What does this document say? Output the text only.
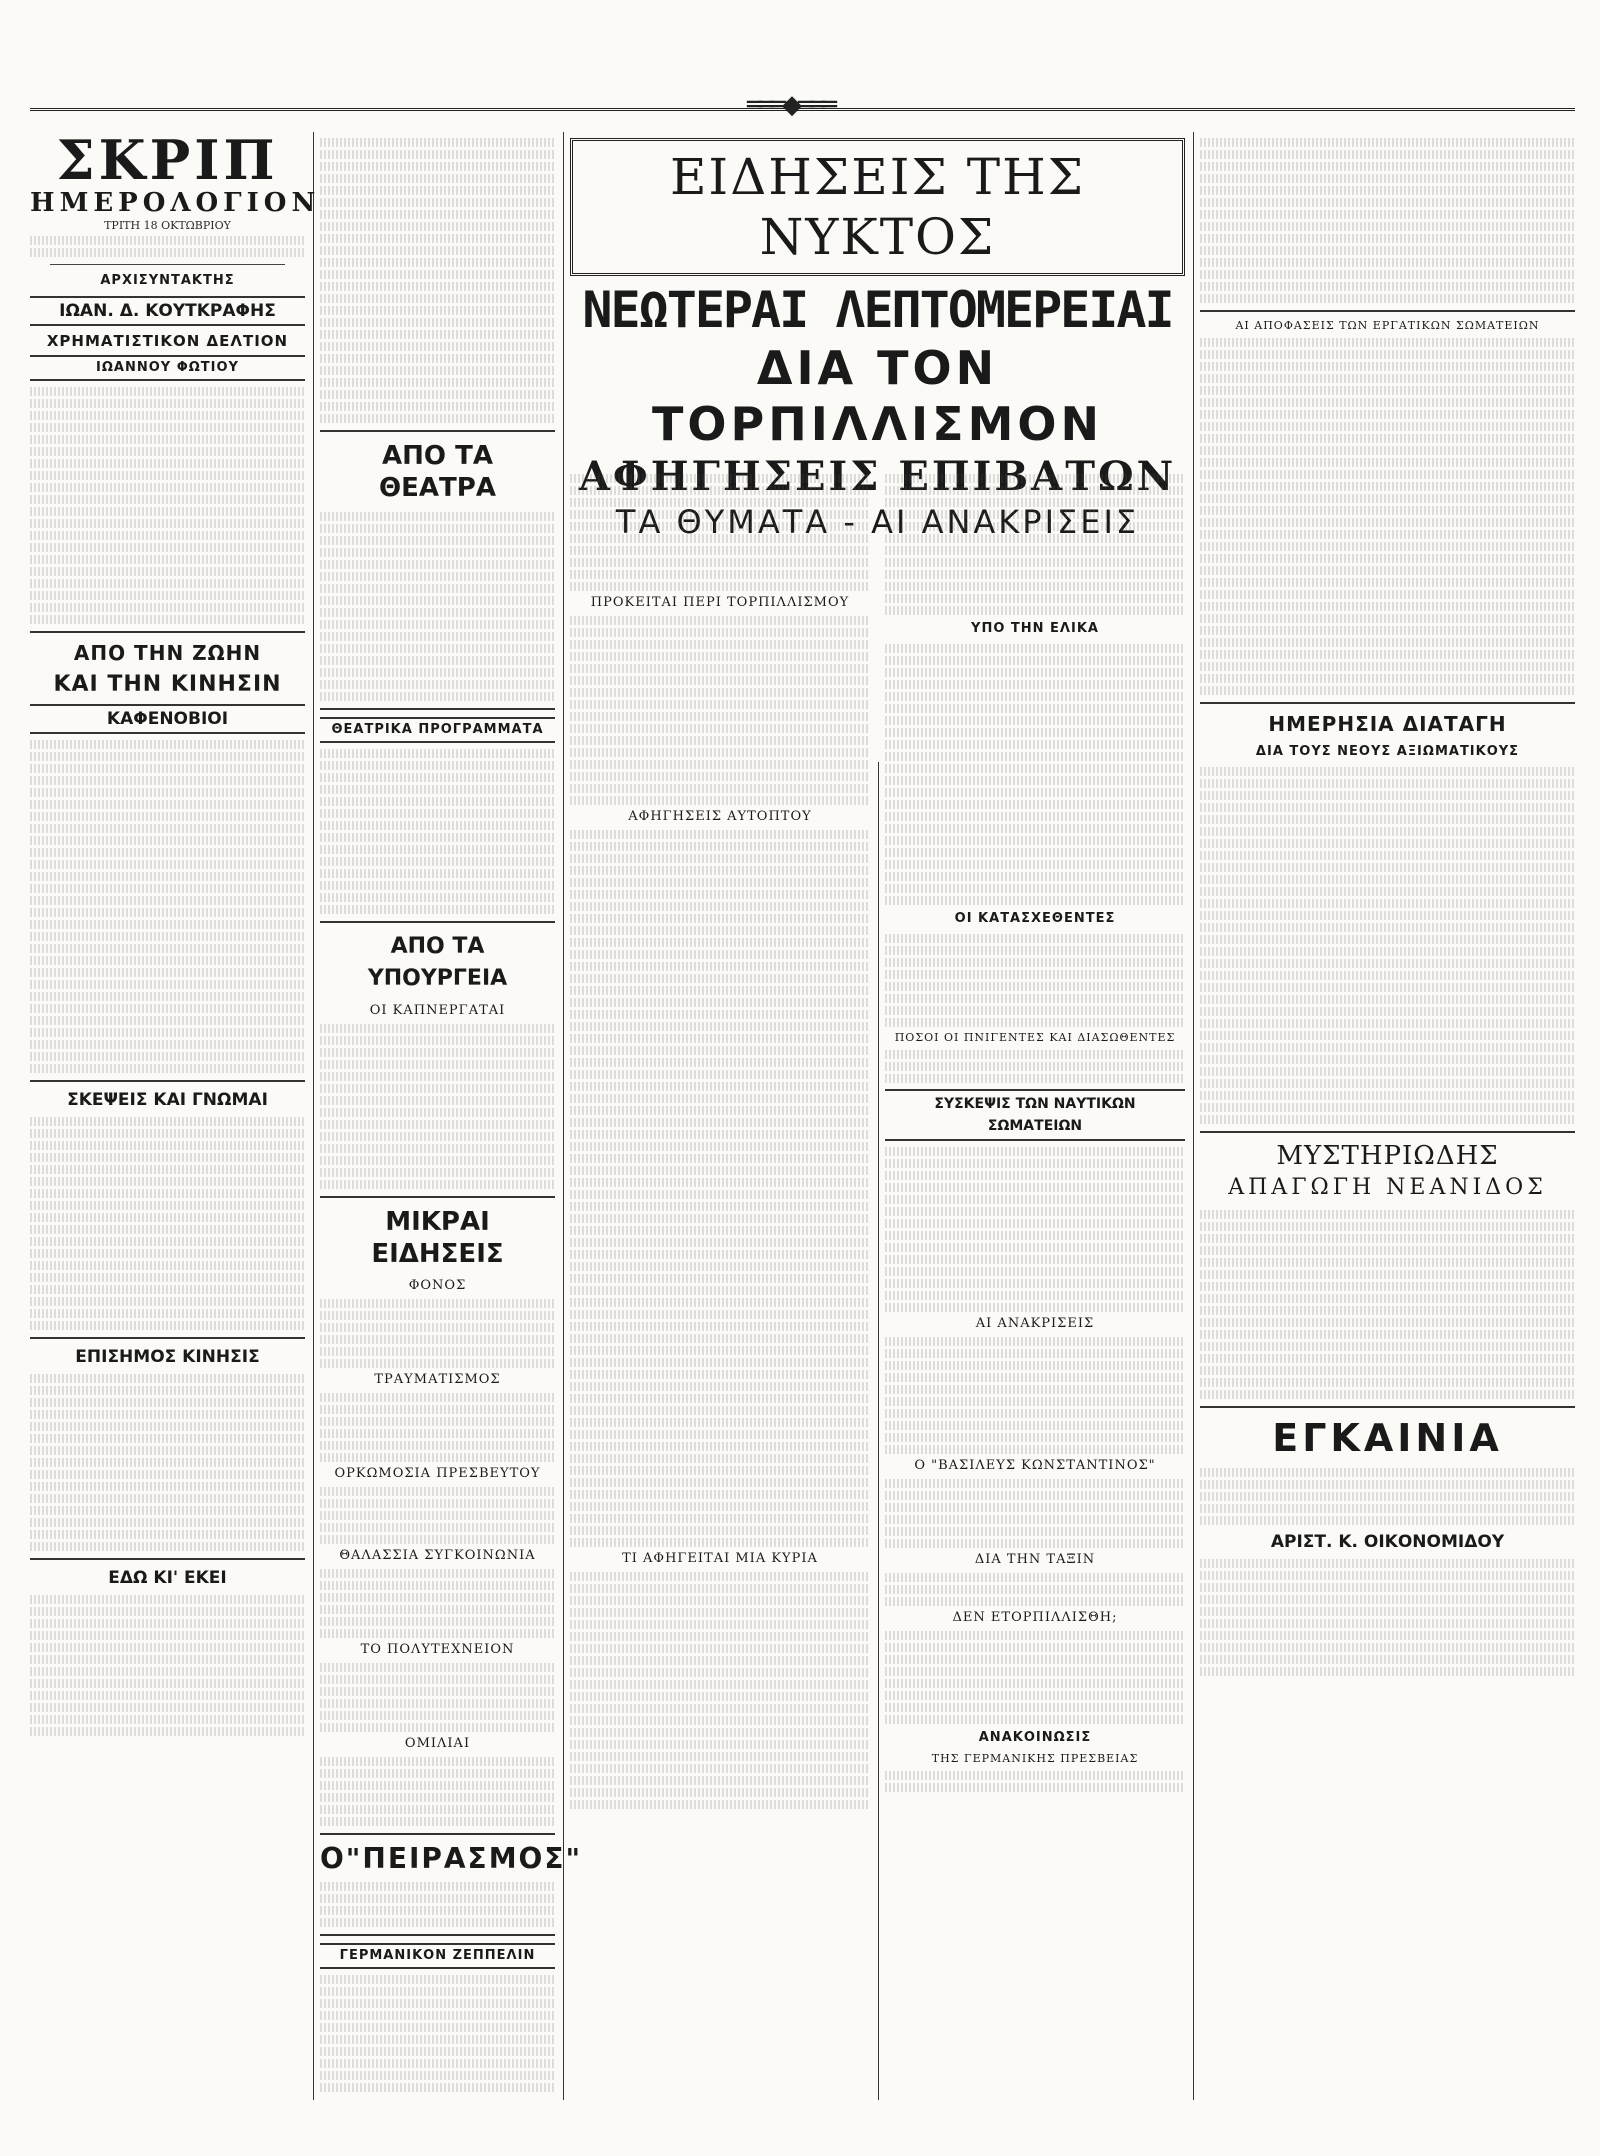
═══◆═══
ΣΚΡΙΠ
ΗΜΕΡΟΛΟΓΙΟΝ
ΤΡΙΤΗ 18 ΟΚΤΩΒΡΙΟΥ
ΑΡΧΙΣΥΝΤΑΚΤΗΣ
ΙΩΑΝ. Δ. ΚΟΥΤΚΡΑΦΗΣ
ΧΡΗΜΑΤΙΣΤΙΚΟΝ ΔΕΛΤΙΟΝ
ΙΩΑΝΝΟΥ ΦΩΤΙΟΥ
ΑΠΟ ΤΗΝ ΖΩΗΝ
ΚΑΙ ΤΗΝ ΚΙΝΗΣΙΝ
ΚΑΦΕΝΟΒΙΟΙ
ΣΚΕΨΕΙΣ ΚΑΙ ΓΝΩΜΑΙ
ΕΠΙΣΗΜΟΣ ΚΙΝΗΣΙΣ
ΕΔΩ ΚΙ' ΕΚΕΙ
ΑΠΟ ΤΑ ΘΕΑΤΡΑ
ΘΕΑΤΡΙΚΑ ΠΡΟΓΡΑΜΜΑΤΑ
ΑΠΟ ΤΑ ΥΠΟΥΡΓΕΙΑ
ΟΙ ΚΑΠΝΕΡΓΑΤΑΙ
ΜΙΚΡΑΙ ΕΙΔΗΣΕΙΣ
ΦΟΝΟΣ
ΤΡΑΥΜΑΤΙΣΜΟΣ
ΟΡΚΩΜΟΣΙΑ ΠΡΕΣΒΕΥΤΟΥ
ΘΑΛΑΣΣΙΑ ΣΥΓΚΟΙΝΩΝΙΑ
ΤΟ ΠΟΛΥΤΕΧΝΕΙΟΝ
ΟΜΙΛΙΑΙ
Ο"ΠΕΙΡΑΣΜΟΣ"
ΓΕΡΜΑΝΙΚΟΝ ΖΕΠΠΕΛΙΝ
ΕΙΔΗΣΕΙΣ ΤΗΣ ΝΥΚΤΟΣ
ΝΕΩΤΕΡΑΙ ΛΕΠΤΟΜΕΡΕΙΑΙ
ΔΙΑ ΤΟΝ ΤΟΡΠΙΛΛΙΣΜΟΝ
ΑΦΗΓΗΣΕΙΣ ΕΠΙΒΑΤΩΝ
ΤΑ ΘΥΜΑΤΑ - ΑΙ ΑΝΑΚΡΙΣΕΙΣ
ΠΡΟΚΕΙΤΑΙ ΠΕΡΙ ΤΟΡΠΙΛΛΙΣΜΟΥ
ΑΦΗΓΗΣΕΙΣ ΑΥΤΟΠΤΟΥ
ΤΙ ΑΦΗΓΕΙΤΑΙ ΜΙΑ ΚΥΡΙΑ
ΥΠΟ ΤΗΝ ΕΛΙΚΑ
ΟΙ ΚΑΤΑΣΧΕΘΕΝΤΕΣ
ΠΟΣΟΙ ΟΙ ΠΝΙΓΕΝΤΕΣ ΚΑΙ ΔΙΑΣΩΘΕΝΤΕΣ
ΣΥΣΚΕΨΙΣ ΤΩΝ ΝΑΥΤΙΚΩΝ ΣΩΜΑΤΕΙΩΝ
ΑΙ ΑΝΑΚΡΙΣΕΙΣ
Ο "ΒΑΣΙΛΕΥΣ ΚΩΝΣΤΑΝΤΙΝΟΣ"
ΔΙΑ ΤΗΝ ΤΑΞΙΝ
ΔΕΝ ΕΤΟΡΠΙΛΛΙΣΘΗ;
ΑΝΑΚΟΙΝΩΣΙΣ
ΤΗΣ ΓΕΡΜΑΝΙΚΗΣ ΠΡΕΣΒΕΙΑΣ
ΑΙ ΑΠΟΦΑΣΕΙΣ ΤΩΝ ΕΡΓΑΤΙΚΩΝ ΣΩΜΑΤΕΙΩΝ
ΗΜΕΡΗΣΙΑ ΔΙΑΤΑΓΗ
ΔΙΑ ΤΟΥΣ ΝΕΟΥΣ ΑΞΙΩΜΑΤΙΚΟΥΣ
ΜΥΣΤΗΡΙΩΔΗΣ
ΑΠΑΓΩΓΗ ΝΕΑΝΙΔΟΣ
ΕΓΚΑΙΝΙΑ
ΑΡΙΣΤ. Κ. ΟΙΚΟΝΟΜΙΔΟΥ
